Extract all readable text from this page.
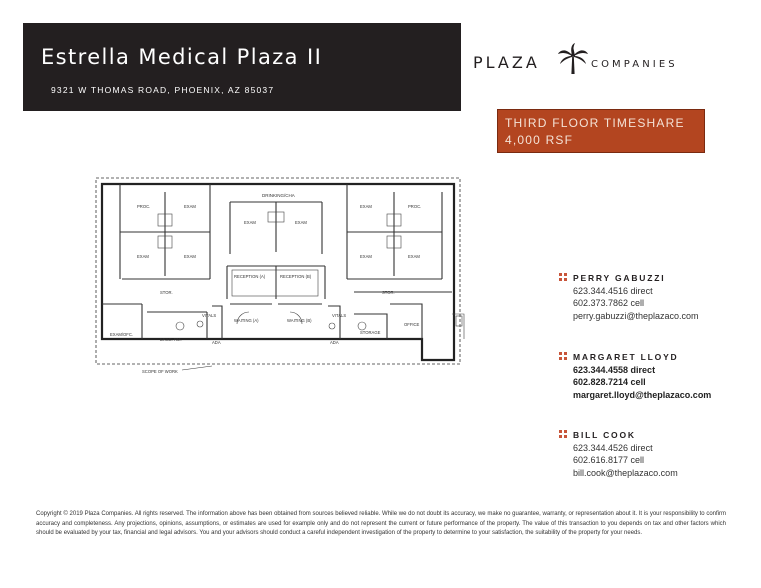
Estrella Medical Plaza II
9321 W THOMAS ROAD, PHOENIX, AZ 85037
PLAZA	COMPANIES
THIRD FLOOR TIMESHARE
4,000 RSF
DRINKING/CHA
PROC.	EXAM
EXAM	EXAM
EXAM	EXAM
EXAM	PROC.
EXAM	EXAM
RECEPTION (A)	RECEPTION (B)
STOR.	STOR.
EXAM/OFC.
BRSC. RM.
VITALS
WAITING (A)	WAITING (B)
VITALS
STORAGE
OFFICE
ADA	ADA
SCOPE OF WORK
PERRY GABUZZI
623.344.4516 direct
602.373.7862 cell
perry.gabuzzi@theplazaco.com
MARGARET LLOYD
623.344.4558 direct
602.828.7214 cell
margaret.lloyd@theplazaco.com
BILL COOK
623.344.4526 direct
602.616.8177 cell
bill.cook@theplazaco.com
Copyright © 2019 Plaza Companies. All rights reserved. The information above has been obtained from sources believed reliable. While we do not doubt its accuracy, we make no guarantee, warranty, or representation about it. It is your responsibility to confirm accuracy and completeness. Any projections, opinions, assumptions, or estimates are used for example only and do not represent the current or future performance of the property. The value of this transaction to you depends on tax and other factors which should be evaluated by your tax, financial and legal advisors. You and your advisors should conduct a careful independent investigation of the property to determine to your satisfaction, the suitability of the property for your needs.
